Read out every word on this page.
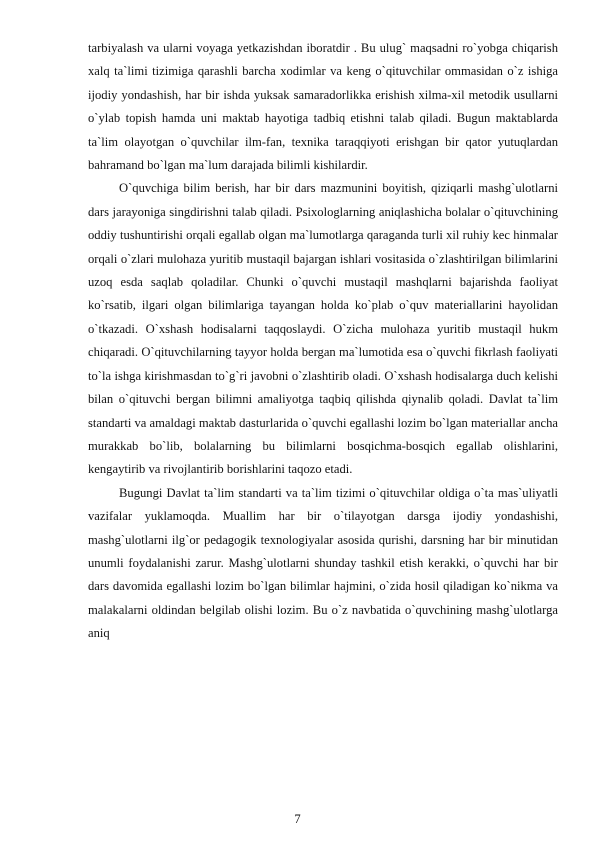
tarbiyalash va ularni voyaga yetkazishdan iboratdir . Bu ulug` maqsadni ro`yobga chiqarish xalq ta`limi tizimiga qarashli barcha xodimlar va keng o`qituvchilar ommasidan o`z ishiga ijodiy yondashish, har bir ishda yuksak samaradorlikka erishish xilma-xil metodik usullarni o`ylab topish hamda uni maktab hayotiga tadbiq etishni talab qiladi. Bugun maktablarda ta`lim olayotgan o`quvchilar ilm-fan, texnika taraqqiyoti erishgan bir qator yutuqlardan bahramand bo`lgan ma`lum darajada bilimli kishilardir.

O`quvchiga bilim berish, har bir dars mazmunini boyitish, qiziqarli mashg`ulotlarni dars jarayoniga singdirishni talab qiladi. Psixologlarning aniqlashicha bolalar o`qituvchining oddiy tushuntirishi orqali egallab olgan ma`lumotlarga qaraganda turli xil ruhiy kec hinmalar orqali o`zlari mulohaza yuritib mustaqil bajargan ishlari vositasida o`zlashtirilgan bilimlarini uzoq esda saqlab qoladilar. Chunki o`quvchi mustaqil mashqlarni bajarishda faoliyat ko`rsatib, ilgari olgan bilimlariga tayangan holda ko`plab o`quv materiallarini hayolidan o`tkazadi. O`xshash hodisalarni taqqoslaydi. O`zicha mulohaza yuritib mustaqil hukm chiqaradi. O`qituvchilarning tayyor holda bergan ma`lumotida esa o`quvchi fikrlash faoliyati to`la ishga kirishmasdan to`g`ri javobni o`zlashtirib oladi. O`xshash hodisalarga duch kelishi bilan o`qituvchi bergan bilimni amaliyotga taqbiq qilishda qiynalib qoladi. Davlat ta`lim standarti va amaldagi maktab dasturlarida o`quvchi egallashi lozim bo`lgan materiallar ancha murakkab bo`lib, bolalarning bu bilimlarni bosqichma-bosqich egallab olishlarini, kengaytirib va rivojlantirib borishlarini taqozo etadi.

Bugungi Davlat ta`lim standarti va ta`lim tizimi o`qituvchilar oldiga o`ta mas`uliyatli vazifalar yuklamoqda. Muallim har bir o`tilayotgan darsga ijodiy yondashishi, mashg`ulotlarni ilg`or pedagogik texnologiyalar asosida qurishi, darsning har bir minutidan unumli foydalanishi zarur. Mashg`ulotlarni shunday tashkil etish kerakki, o`quvchi har bir dars davomida egallashi lozim bo`lgan bilimlar hajmini, o`zida hosil qiladigan ko`nikma va malakalarni oldindan belgilab olishi lozim. Bu o`z navbatida o`quvchining mashg`ulotlarga aniq

7
